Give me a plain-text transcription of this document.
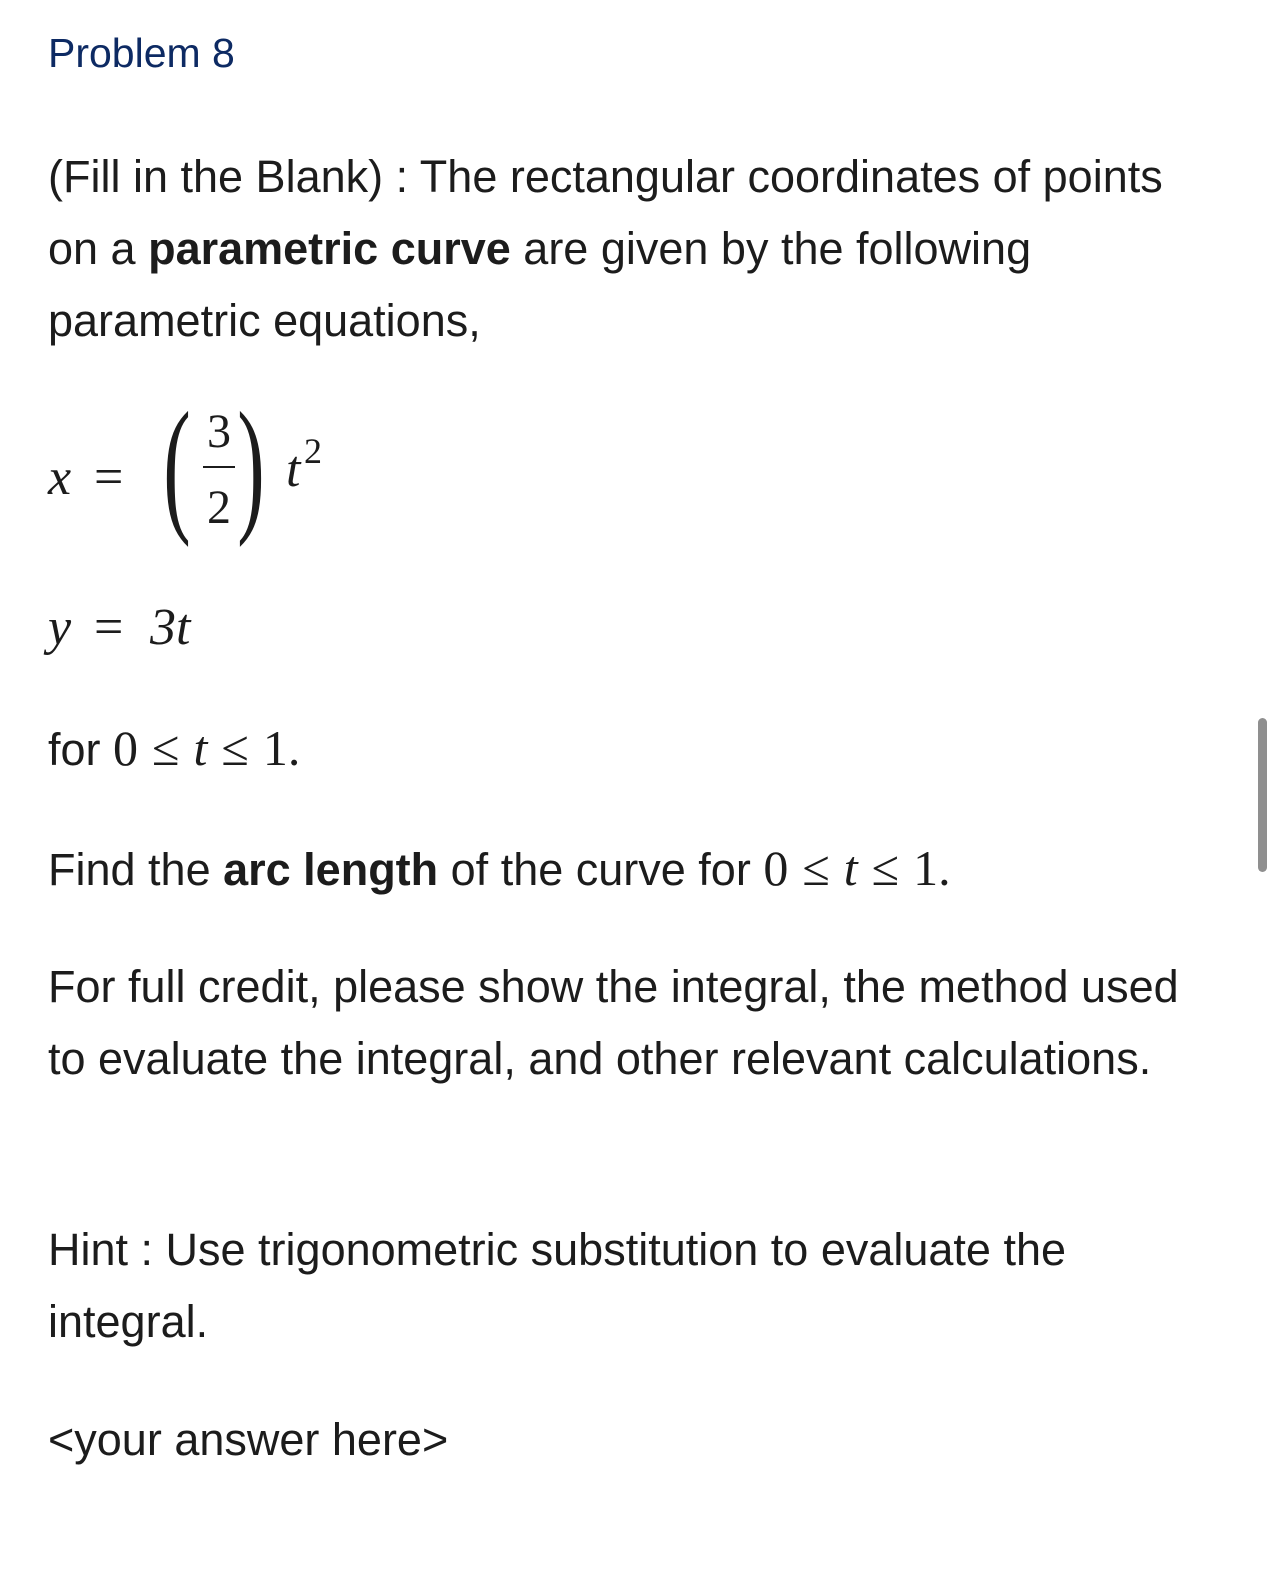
Problem 8
(Fill in the Blank) : The rectangular coordinates of points on a parametric curve are given by the following parametric equations,
x = ( 3
2 ) t 2
y = 3t
for 0 ≤ t ≤ 1.
Find the arc length of the curve for 0 ≤ t ≤ 1.
For full credit, please show the integral, the method used to evaluate the integral, and other relevant calculations.
Hint : Use trigonometric substitution to evaluate the integral.
<your answer here>
